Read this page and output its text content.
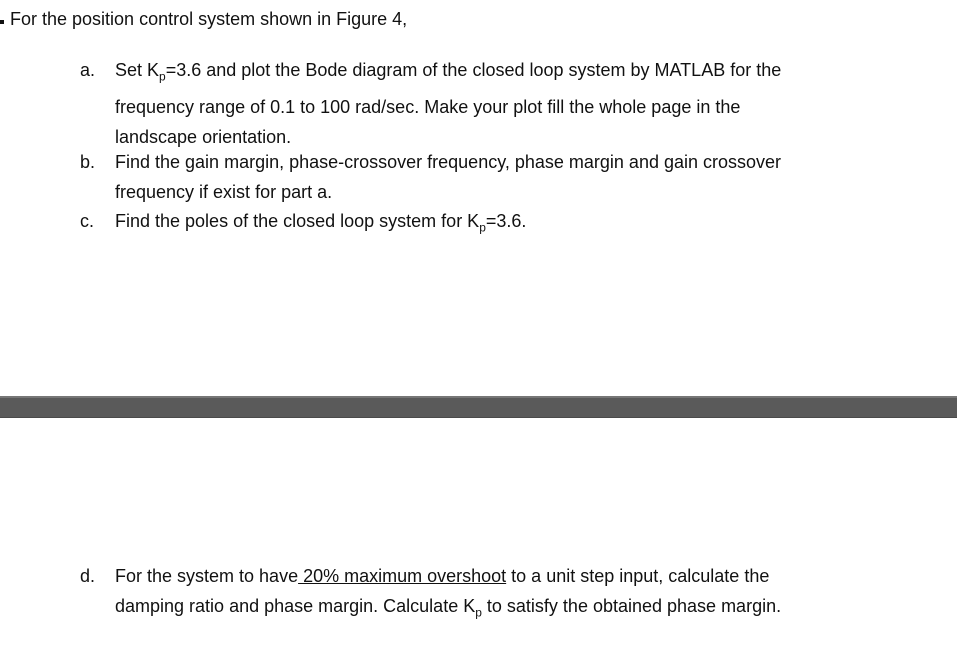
For the position control system shown in Figure 4,
a.	Set $K_p=3.6$ and plot the Bode diagram of the closed loop system by MATLAB for the
frequency range of 0.1 to 100 rad/sec. Make your plot fill the whole page in the
landscape orientation.
b.	Find the gain margin, phase-crossover frequency, phase margin and gain crossover
frequency if exist for part a.
c.	Find the poles of the closed loop system for $K_p=3.6$.
d.	For the system to have 20% maximum overshoot to a unit step input, calculate the
damping ratio and phase margin. Calculate $K_p$ to satisfy the obtained phase margin.
